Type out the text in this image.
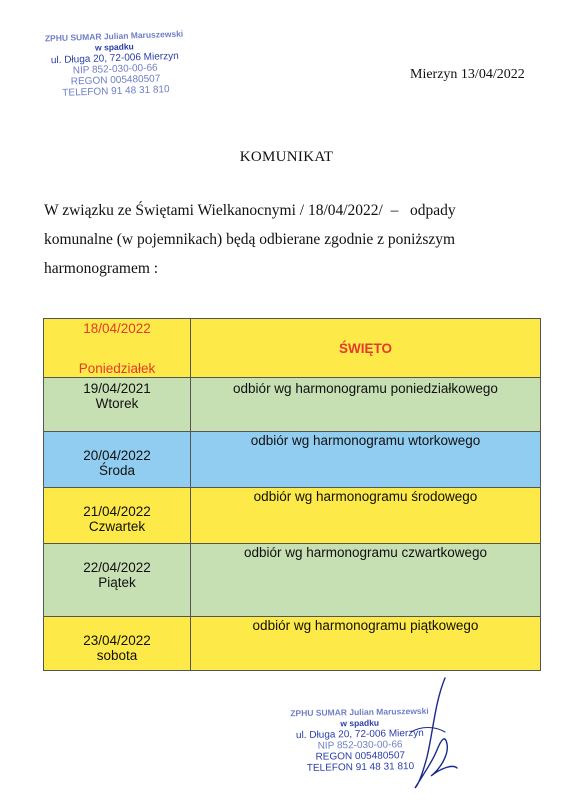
ZPHU SUMAR Julian Maruszewski
w spadku
ul. Długa 20, 72-006 Mierzyn
NIP 852-030-00-66
REGON 005480507
TELEFON 91 48 31 810
Mierzyn 13/04/2022
KOMUNIKAT
W związku ze Świętami Wielkanocnymi / 18/04/2022/  –   odpady
komunalne (w pojemnikach) będą odbierane zgodnie z poniższym
harmonogramem :
18/04/2022
Poniedziałek	ŚWIĘTO

19/04/2021
Wtorek	odbiór wg harmonogramu poniedziałkowego

20/04/2022
Środa	odbiór wg harmonogramu wtorkowego

21/04/2022
Czwartek	odbiór wg harmonogramu środowego

22/04/2022
Piątek	odbiór wg harmonogramu czwartkowego

23/04/2022
sobota	odbiór wg harmonogramu piątkowego
ZPHU SUMAR Julian Maruszewski
w spadku
ul. Długa 20, 72-006 Mierzyn
NIP 852-030-00-66
REGON 005480507
TELEFON 91 48 31 810
